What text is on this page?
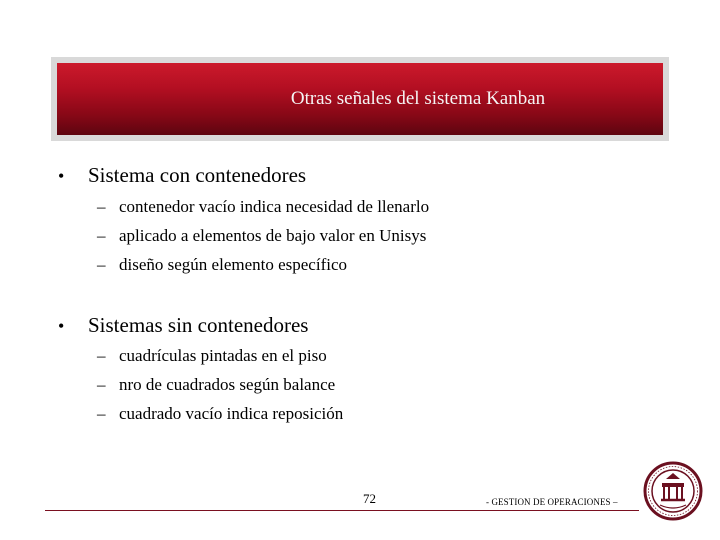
Otras señales del sistema Kanban
•	Sistema con contenedores
– contenedor vacío indica necesidad de llenarlo
– aplicado a elementos de bajo valor en Unisys
– diseño según elemento específico
•	Sistemas sin contenedores
– cuadrículas pintadas en el piso
– nro de cuadrados según balance
– cuadrado vacío indica reposición
72	- GESTION DE OPERACIONES –
